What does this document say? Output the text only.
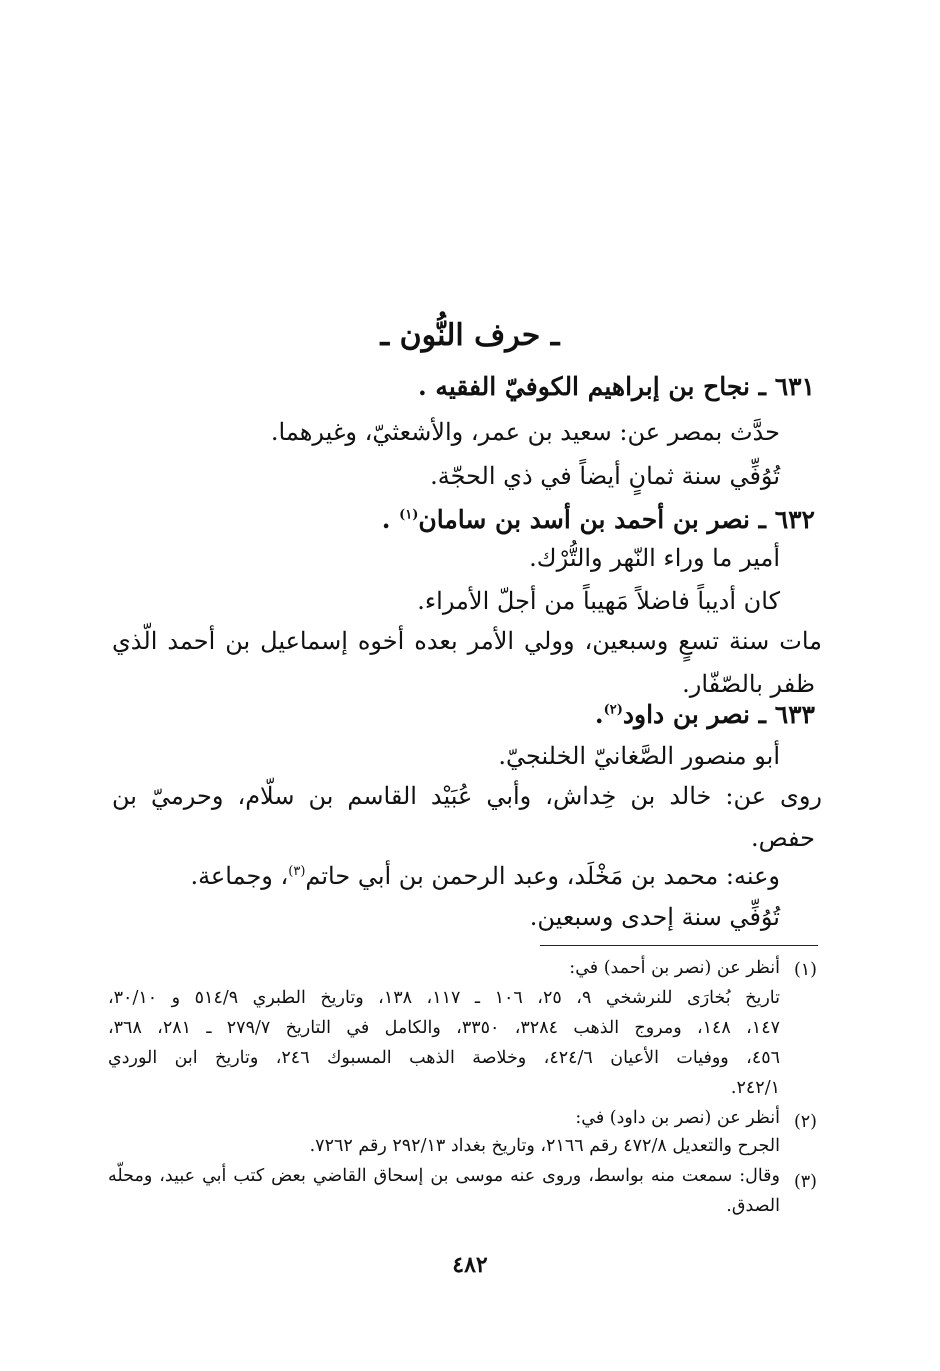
ـ حرف النُّون ـ
٦٣١ ـ نجاح بن إبراهيم الكوفيّ الفقيه .
حدَّث بمصر عن: سعيد بن عمر، والأشعثيّ، وغيرهما.
تُوُفِّي سنة ثمانٍ أيضاً في ذي الحجّة.
٦٣٢ ـ نصر بن أحمد بن أسد بن سامان$^{(١)}$ .
أمير ما وراء النّهر والتُّرْك.
كان أديباً فاضلاً مَهيباً من أجلّ الأمراء.
مات سنة تسعٍ وسبعين، وولي الأمر بعده أخوه إسماعيل بن أحمد الّذي
ظفر بالصّفّار.
٦٣٣ ـ نصر بن داود$^{(٢)}$.
أبو منصور الصَّغانيّ الخلنجيّ.
روى عن: خالد بن خِداش، وأبي عُبَيْد القاسم بن سلّام، وحرميّ بن
حفص.
وعنه: محمد بن مَخْلَد، وعبد الرحمن بن أبي حاتم$^{(٣)}$، وجماعة.
تُوُفِّي سنة إحدى وسبعين.
(١)
أنظر عن (نصر بن أحمد) في:
تاريخ بُخارَى للنرشخي ٩، ٢٥، ١٠٦ ـ ١١٧، ١٣٨، وتاريخ الطبري ٥١٤/٩ و ٣٠/١٠،
١٤٧، ١٤٨، ومروج الذهب ٣٢٨٤، ٣٣٥٠، والكامل في التاريخ ٢٧٩/٧ ـ ٢٨١، ٣٦٨،
٤٥٦، ووفيات الأعيان ٤٢٤/٦، وخلاصة الذهب المسبوك ٢٤٦، وتاريخ ابن الوردي
٢٤٢/١.
(٢)
أنظر عن (نصر بن داود) في:
الجرح والتعديل ٤٧٢/٨ رقم ٢١٦٦، وتاريخ بغداد ٢٩٢/١٣ رقم ٧٢٦٢.
(٣)
وقال: سمعت منه بواسط، وروى عنه موسى بن إسحاق القاضي بعض كتب أبي عبيد، ومحلّه
الصدق.
٤٨٢
